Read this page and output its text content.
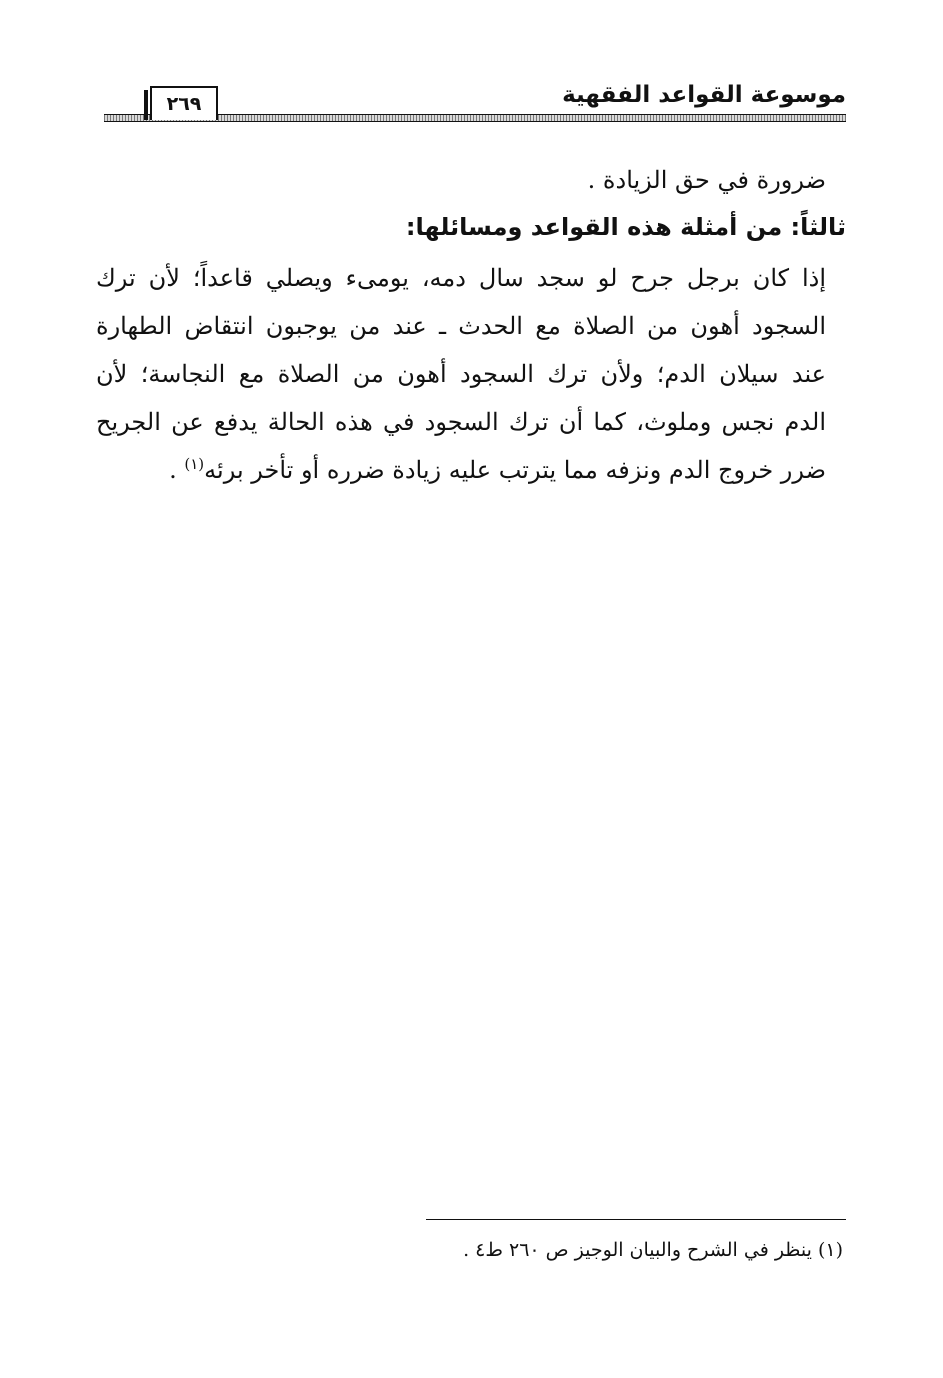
٢٦٩	موسوعة القواعد الفقهية
ضرورة في حق الزيادة .
ثالثاً: من أمثلة هذه القواعد ومسائلها:
إذا كان برجل جرح لو سجد سال دمه، يومىء ويصلي قاعداً؛ لأن ترك
السجود أهون من الصلاة مع الحدث ـ عند من يوجبون انتقاض الطهارة
عند سيلان الدم؛ ولأن ترك السجود أهون من الصلاة مع النجاسة؛ لأن
الدم نجس وملوث، كما أن ترك السجود في هذه الحالة يدفع عن الجريح
ضرر خروج الدم ونزفه مما يترتب عليه زيادة ضرره أو تأخر برئه$^{(١)}$ .
(١) ينظر في الشرح والبيان الوجيز ص ٢٦٠ ط٤ .
